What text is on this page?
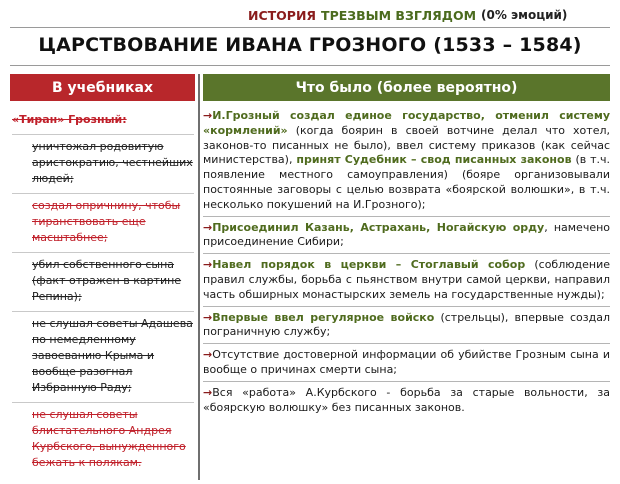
ИСТОРИЯ ТРЕЗВЫМ ВЗГЛЯДОМ (0% эмоций)
ЦАРСТВОВАНИЕ ИВАНА ГРОЗНОГО (1533 – 1584)
В учебниках	Что было (более вероятно)
«Тиран» Грозный:
уничтожал родовитую аристократию, честнейших людей;
создал опричнину, чтобы тиранствовать еще масштабнее;
убил собственного сына (факт отражен в картине Репина);
не слушал советы Адашева по немедленному завоеванию Крыма и вообще разогнал Избранную Раду;
не слушал советы блистательного Андрея Курбского, вынужденного бежать к полякам.
→И.Грозный создал единое государство, отменил систему «кормлений» (когда боярин в своей вотчине делал что хотел, законов-то писанных не было), ввел систему приказов (как сейчас министерства), принят Судебник – свод писанных законов (в т.ч. появление местного самоуправления) (бояре организовывали постоянные заговоры с целью возврата «боярской волюшки», в т.ч. несколько покушений на И.Грозного);
→Присоединил Казань, Астрахань, Ногайскую орду, намечено присоединение Сибири;
→Навел порядок в церкви – Стоглавый собор (соблюдение правил службы, борьба с пьянством внутри самой церкви, направил часть обширных монастырских земель на государственные нужды);
→Впервые ввел регулярное войско (стрельцы), впервые создал пограничную службу;
→Отсутствие достоверной информации об убийстве Грозным сына и вообще о причинах смерти сына;
→Вся «работа» А.Курбского - борьба за старые вольности, за «боярскую волюшку» без писанных законов.
